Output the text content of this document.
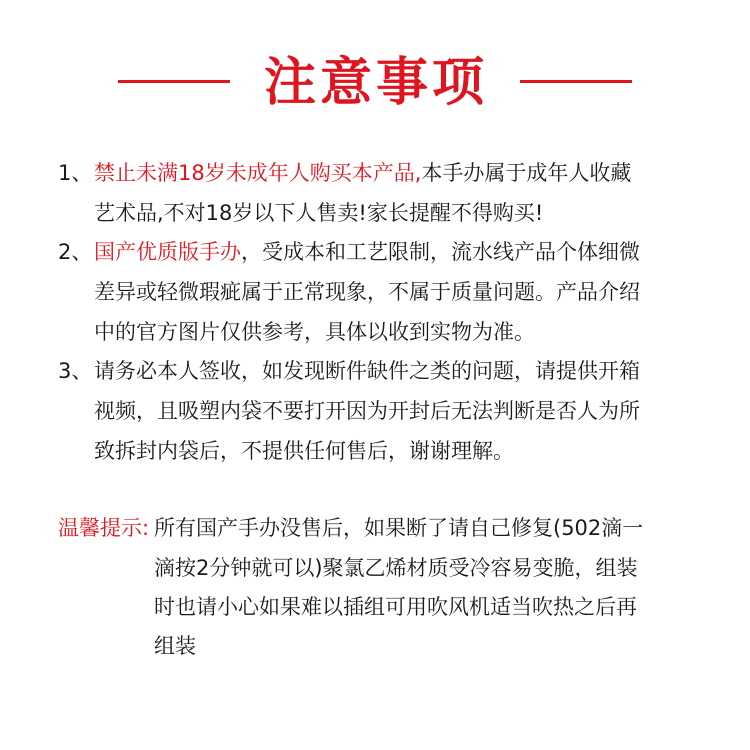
注意事项
1、 禁止未满18岁未成年人购买本产品,本手办属于成年人收藏
艺术品,不对18岁以下人售卖!家长提醒不得购买!
2、 国产优质版手办，受成本和工艺限制，流水线产品个体细微
差异或轻微瑕疵属于正常现象，不属于质量问题。产品介绍
中的官方图片仅供参考，具体以收到实物为准。
3、 请务必本人签收，如发现断件缺件之类的问题，请提供开箱
视频，且吸塑内袋不要打开因为开封后无法判断是否人为所
致拆封内袋后，不提供任何售后，谢谢理解。
温馨提示: 所有国产手办没售后，如果断了请自己修复(502滴一
滴按2分钟就可以)聚氯乙烯材质受冷容易变脆，组装
时也请小心如果难以插组可用吹风机适当吹热之后再
组装
